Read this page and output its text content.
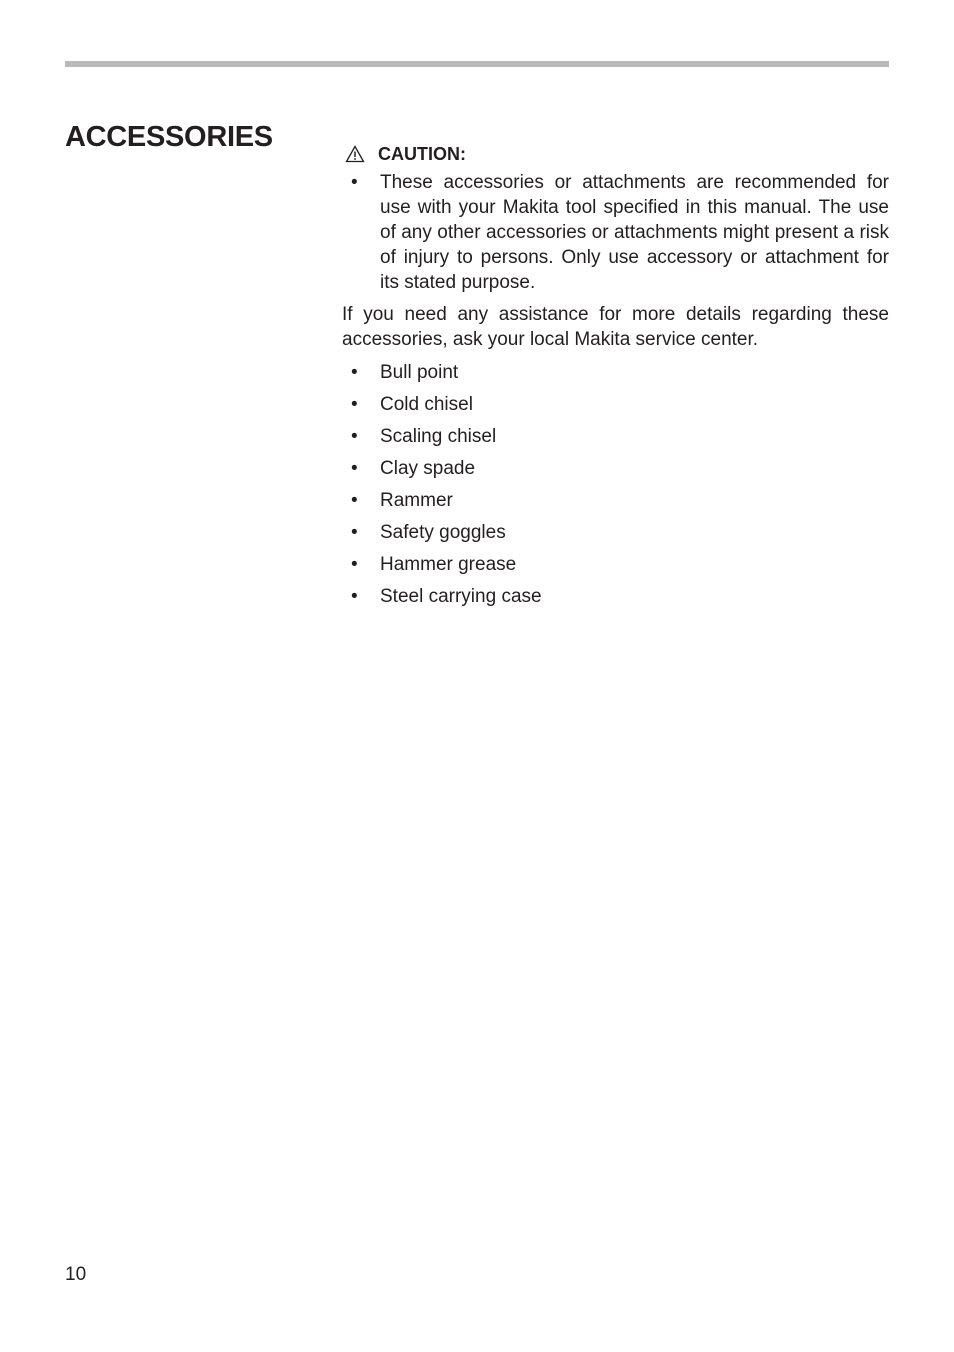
ACCESSORIES
CAUTION:
• These accessories or attachments are recommended for use with your Makita tool specified in this manual. The use of any other accessories or attachments might present a risk of injury to persons. Only use accessory or attachment for its stated purpose.

If you need any assistance for more details regarding these accessories, ask your local Makita service center.

• Bull point
• Cold chisel
• Scaling chisel
• Clay spade
• Rammer
• Safety goggles
• Hammer grease
• Steel carrying case
10
